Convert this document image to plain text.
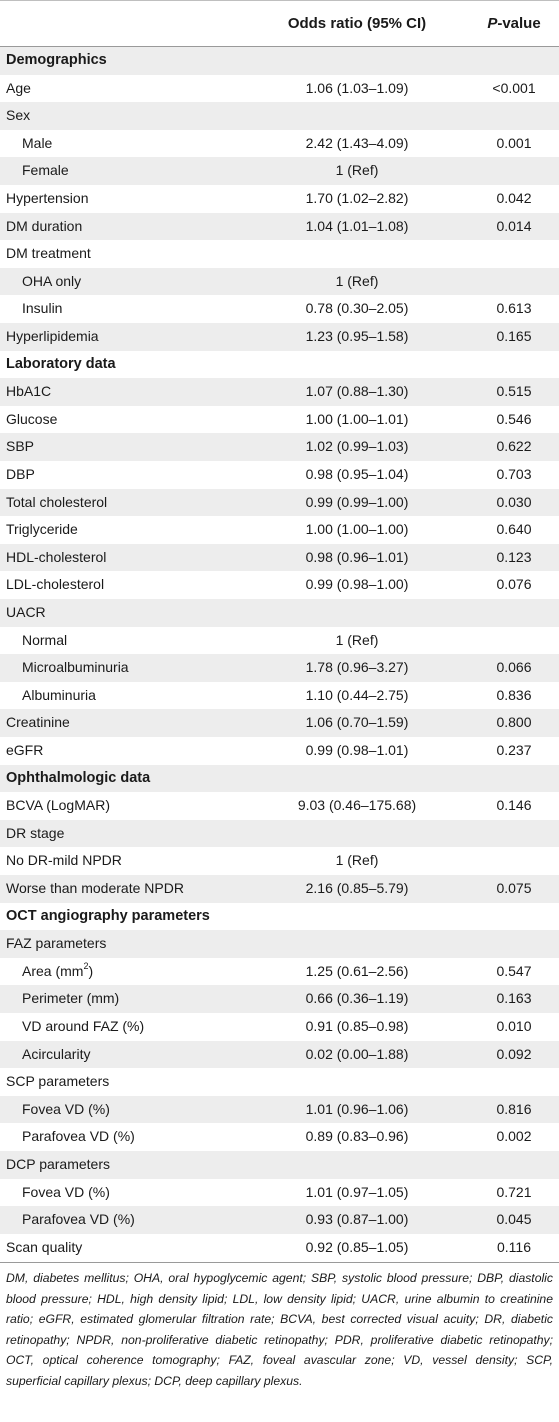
Odds ratio (95% CI)	P-value
Demographics
Age	1.06 (1.03–1.09)	<0.001
Sex
Male	2.42 (1.43–4.09)	0.001
Female	1 (Ref)
Hypertension	1.70 (1.02–2.82)	0.042
DM duration	1.04 (1.01–1.08)	0.014
DM treatment
OHA only	1 (Ref)
Insulin	0.78 (0.30–2.05)	0.613
Hyperlipidemia	1.23 (0.95–1.58)	0.165
Laboratory data
HbA1C	1.07 (0.88–1.30)	0.515
Glucose	1.00 (1.00–1.01)	0.546
SBP	1.02 (0.99–1.03)	0.622
DBP	0.98 (0.95–1.04)	0.703
Total cholesterol	0.99 (0.99–1.00)	0.030
Triglyceride	1.00 (1.00–1.00)	0.640
HDL-cholesterol	0.98 (0.96–1.01)	0.123
LDL-cholesterol	0.99 (0.98–1.00)	0.076
UACR
Normal	1 (Ref)
Microalbuminuria	1.78 (0.96–3.27)	0.066
Albuminuria	1.10 (0.44–2.75)	0.836
Creatinine	1.06 (0.70–1.59)	0.800
eGFR	0.99 (0.98–1.01)	0.237
Ophthalmologic data
BCVA (LogMAR)	9.03 (0.46–175.68)	0.146
DR stage
No DR-mild NPDR	1 (Ref)
Worse than moderate NPDR	2.16 (0.85–5.79)	0.075
OCT angiography parameters
FAZ parameters
Area $(mm^2)$	1.25 (0.61–2.56)	0.547
Perimeter (mm)	0.66 (0.36–1.19)	0.163
VD around FAZ (%)	0.91 (0.85–0.98)	0.010
Acircularity	0.02 (0.00–1.88)	0.092
SCP parameters
Fovea VD (%)	1.01 (0.96–1.06)	0.816
Parafovea VD (%)	0.89 (0.83–0.96)	0.002
DCP parameters
Fovea VD (%)	1.01 (0.97–1.05)	0.721
Parafovea VD (%)	0.93 (0.87–1.00)	0.045
Scan quality	0.92 (0.85–1.05)	0.116
DM, diabetes mellitus; OHA, oral hypoglycemic agent; SBP, systolic blood pressure; DBP, diastolic blood pressure; HDL, high density lipid; LDL, low density lipid; UACR, urine albumin to creatinine ratio; eGFR, estimated glomerular filtration rate; BCVA, best corrected visual acuity; DR, diabetic retinopathy; NPDR, non-proliferative diabetic retinopathy; PDR, proliferative diabetic retinopathy; OCT, optical coherence tomography; FAZ, foveal avascular zone; VD, vessel density; SCP, superficial capillary plexus; DCP, deep capillary plexus.
